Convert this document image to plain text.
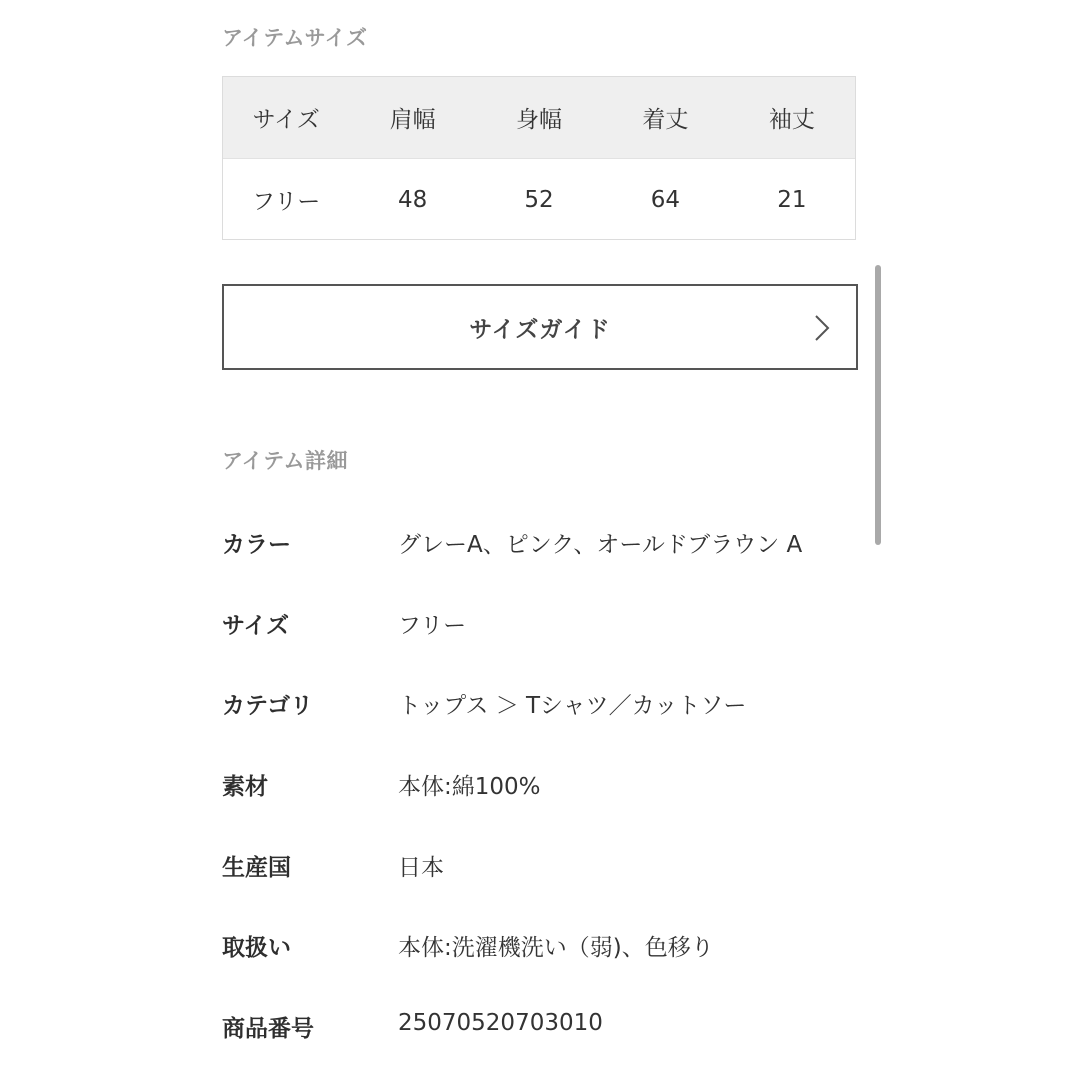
アイテムサイズ
サイズ	肩幅	身幅	着丈	袖丈
フリー	48	52	64	21
サイズガイド
アイテム詳細
カラー	グレーA、ピンク、オールドブラウン A
サイズ	フリー
カテゴリ	トップス ＞ Tシャツ／カットソー
素材	本体:綿100%
生産国	日本
取扱い	本体:洗濯機洗い（弱)、色移り
商品番号	25070520703010
